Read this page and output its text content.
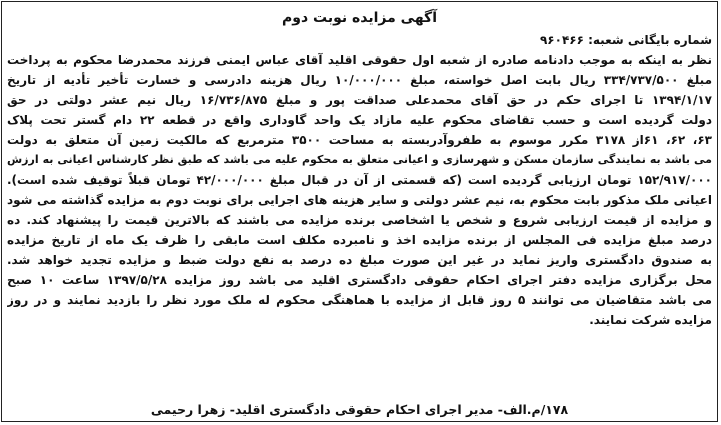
آگهی مزایده نوبت دوم
شماره بایگانی شعبه: ۹۶۰۴۶۶
نظر به اینکه به موجب دادنامه صادره از شعبه اول حقوقی اقلید آقای عباس ایمنی فرزند محمدرضا محکوم به پرداخت
مبلغ ۳۳۴/۷۳۷/۵۰۰ ریال بابت اصل خواسته، مبلغ ۱۰/۰۰۰/۰۰۰ ریال هزینه دادرسی و خسارت تأخیر تأدیه از تاریخ
۱۳۹۴/۱/۱۷ تا اجرای حکم در حق آقای محمدعلی صداقت پور و مبلغ ۱۶/۷۳۶/۸۷۵ ریال نیم عشر دولتی در حق
دولت گردیده است و حسب تقاضای محکوم علیه مازاد یک واحد گاوداری واقع در قطعه ۲۲ دام گستر تحت پلاک
۶۳، ۶۲، ۶۱از ۳۱۷۸ مکرر موسوم به طفروآدربسته به مساحت ۳۵۰۰ مترمربع که مالکیت زمین آن متعلق به دولت
می باشد به نمایندگی سازمان مسکن و شهرسازی و اعیانی متعلق به محکوم علیه می باشد که طبق نظر کارشناس اعیانی به ارزش
۱۵۲/۹۱۷/۰۰۰ تومان ارزیابی گردیده است (که قسمتی از آن در قبال مبلغ ۴۲/۰۰۰/۰۰۰ تومان قبلاً توقیف شده است).
اعیانی ملک مذکور بابت محکوم به، نیم عشر دولتی و سایر هزینه های اجرایی برای نوبت دوم به مزایده گذاشته می شود
و مزایده از قیمت ارزیابی شروع و شخص یا اشخاصی برنده مزایده می باشند که بالاترین قیمت را پیشنهاد کند. ده
درصد مبلغ مزایده فی المجلس از برنده مزایده اخذ و نامبرده مکلف است مابقی را ظرف یک ماه از تاریخ مزایده
به صندوق دادگستری واریز نماید در غیر این صورت مبلغ ده درصد به نفع دولت ضبط و مزایده تجدید خواهد شد.
محل برگزاری مزایده دفتر اجرای احکام حقوقی دادگستری اقلید می باشد روز مزایده ۱۳۹۷/۵/۲۸ ساعت ۱۰ صبح
می باشد متقاضیان می توانند ۵ روز قابل از مزایده با هماهنگی محکوم له ملک مورد نظر را بازدید نمایند و در روز
مزایده شرکت نمایند.
۱۷۸/م.الف- مدیر اجرای احکام حقوقی دادگستری اقلید- زهرا رحیمی
